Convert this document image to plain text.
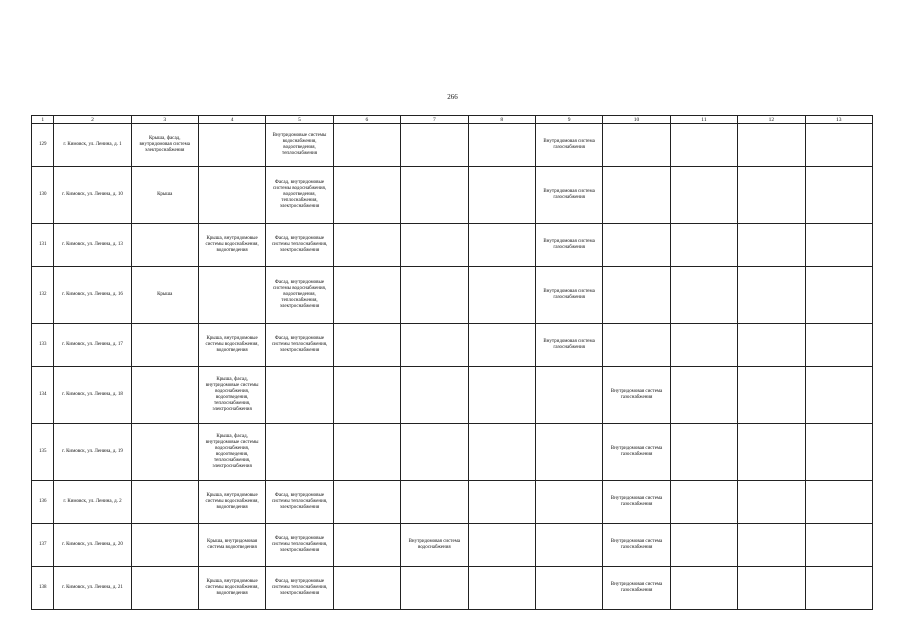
266
1	2	3	4	5	6	7	8	9	10	11	12	13
129	г. Кимовск, ул. Ленина, д. 1	Крыша, фасад, внутридомовая система электроснабжения		Внутридомовые системы водоснабжения, водоотведения, теплоснабжения				Внутридомовая система газоснабжения				
130	г. Кимовск, ул. Ленина, д. 10	Крыша		Фасад, внутридомовые системы водоснабжения, водоотведения, теплоснабжения, электроснабжения				Внутридомовая система газоснабжения				
131	г. Кимовск, ул. Ленина, д. 13		Крыша, внутридомовые системы водоснабжения, водоотведения	Фасад, внутридомовые системы теплоснабжения, электроснабжения				Внутридомовая система газоснабжения				
132	г. Кимовск, ул. Ленина, д. 16	Крыша		Фасад, внутридомовые системы водоснабжения, водоотведения, теплоснабжения, электроснабжения				Внутридомовая система газоснабжения				
133	г. Кимовск, ул. Ленина, д. 17		Крыша, внутридомовые системы водоснабжения, водоотведения	Фасад, внутридомовые системы теплоснабжения, электроснабжения				Внутридомовая система газоснабжения				
134	г. Кимовск, ул. Ленина, д. 18		Крыша, фасад, внутридомовые системы водоснабжения, водоотведения, теплоснабжения, электроснабжения						Внутридомовая система газоснабжения			
135	г. Кимовск, ул. Ленина, д. 19		Крыша, фасад, внутридомовые системы водоснабжения, водоотведения, теплоснабжения, электроснабжения						Внутридомовая система газоснабжения			
136	г. Кимовск, ул. Ленина, д. 2		Крыша, внутридомовые системы водоснабжения, водоотведения	Фасад, внутридомовые системы теплоснабжения, электроснабжения					Внутридомовая система газоснабжения			
137	г. Кимовск, ул. Ленина, д. 20		Крыша, внутридомовая система водоотведения	Фасад, внутридомовые системы теплоснабжения, электроснабжения		Внутридомовая система водоснабжения			Внутридомовая система газоснабжения			
138	г. Кимовск, ул. Ленина, д. 21		Крыша, внутридомовые системы водоснабжения, водоотведения	Фасад, внутридомовые системы теплоснабжения, электроснабжения					Внутридомовая система газоснабжения			
